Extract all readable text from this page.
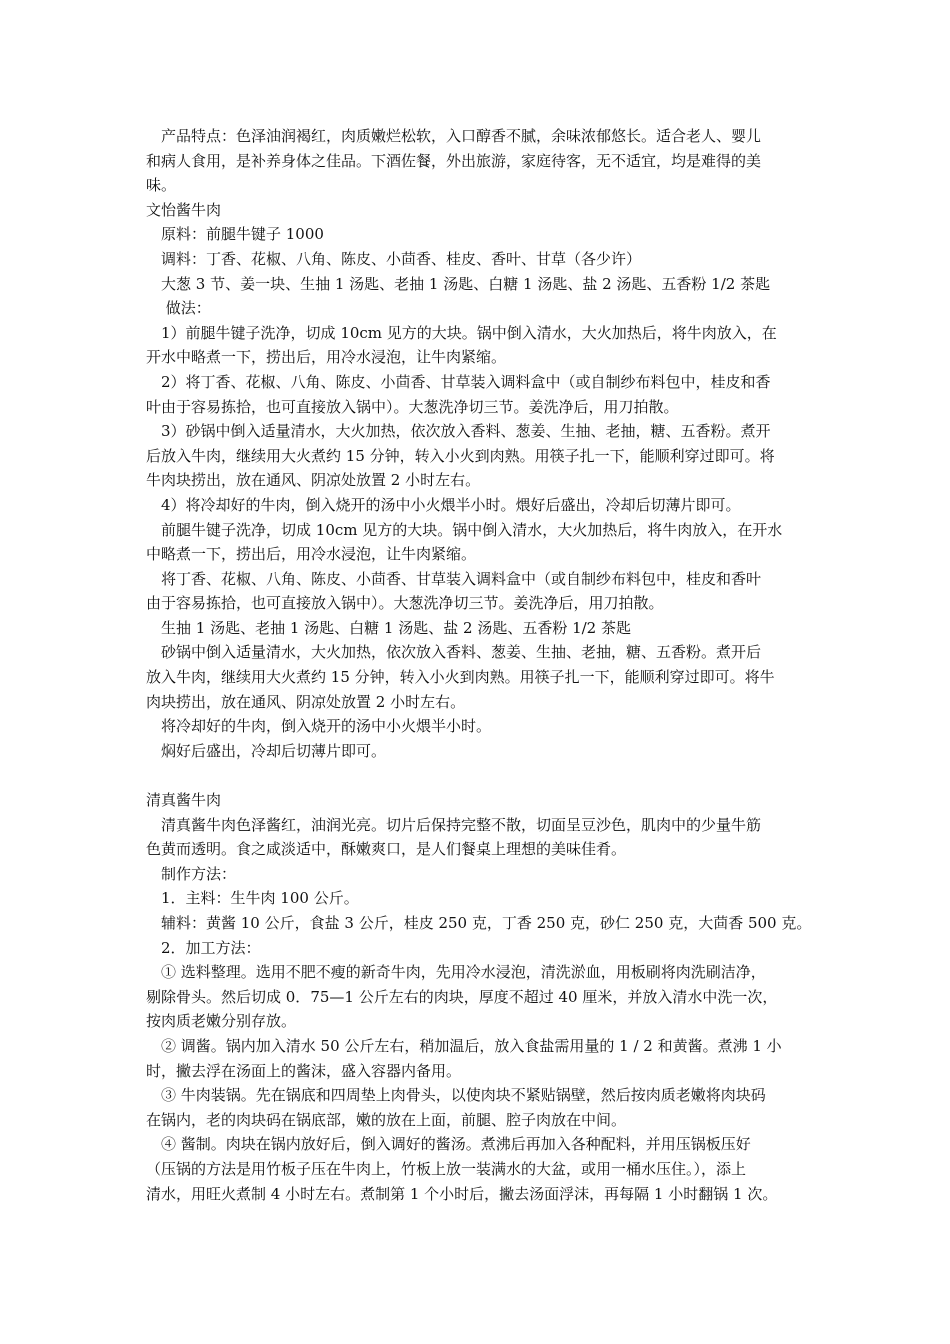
产品特点：色泽油润褐红，肉质嫩烂松软，入口醇香不腻，余味浓郁悠长。适合老人、婴儿

和病人食用，是补养身体之佳品。下酒佐餐，外出旅游，家庭待客，无不适宜，均是难得的美

味。

文怡酱牛肉

原料：前腿牛键子 1000

调料：丁香、花椒、八角、陈皮、小茴香、桂皮、香叶、甘草（各少许）

大葱 3 节、姜一块、生抽 1 汤匙、老抽 1 汤匙、白糖 1 汤匙、盐 2 汤匙、五香粉 1/2 茶匙

做法：

1）前腿牛键子洗净，切成 10cm 见方的大块。锅中倒入清水，大火加热后，将牛肉放入，在

开水中略煮一下，捞出后，用冷水浸泡，让牛肉紧缩。

2）将丁香、花椒、八角、陈皮、小茴香、甘草装入调料盒中（或自制纱布料包中，桂皮和香

叶由于容易拣拾，也可直接放入锅中）。大葱洗净切三节。姜洗净后，用刀拍散。

3）砂锅中倒入适量清水，大火加热，依次放入香料、葱姜、生抽、老抽，糖、五香粉。煮开

后放入牛肉，继续用大火煮约 15 分钟，转入小火到肉熟。用筷子扎一下，能顺利穿过即可。将

牛肉块捞出，放在通风、阴凉处放置 2 小时左右。

4）将冷却好的牛肉，倒入烧开的汤中小火煨半小时。煨好后盛出，冷却后切薄片即可。

前腿牛键子洗净，切成 10cm 见方的大块。锅中倒入清水，大火加热后，将牛肉放入，在开水

中略煮一下，捞出后，用冷水浸泡，让牛肉紧缩。

将丁香、花椒、八角、陈皮、小茴香、甘草装入调料盒中（或自制纱布料包中，桂皮和香叶

由于容易拣拾，也可直接放入锅中）。大葱洗净切三节。姜洗净后，用刀拍散。

生抽 1 汤匙、老抽 1 汤匙、白糖 1 汤匙、盐 2 汤匙、五香粉 1/2 茶匙

砂锅中倒入适量清水，大火加热，依次放入香料、葱姜、生抽、老抽，糖、五香粉。煮开后

放入牛肉，继续用大火煮约 15 分钟，转入小火到肉熟。用筷子扎一下，能顺利穿过即可。将牛

肉块捞出，放在通风、阴凉处放置 2 小时左右。

将冷却好的牛肉，倒入烧开的汤中小火煨半小时。

焖好后盛出，冷却后切薄片即可。

清真酱牛肉

清真酱牛肉色泽酱红，油润光亮。切片后保持完整不散，切面呈豆沙色，肌肉中的少量牛筋

色黄而透明。食之咸淡适中，酥嫩爽口，是人们餐桌上理想的美味佳肴。

制作方法：

1．主料：生牛肉 100 公斤。

辅料：黄酱 10 公斤，食盐 3 公斤，桂皮 250 克，丁香 250 克，砂仁 250 克，大茴香 500 克。

2．加工方法：

① 选料整理。选用不肥不瘦的新奇牛肉，先用冷水浸泡，清洗淤血，用板刷将肉洗刷洁净，

剔除骨头。然后切成 0．75—1 公斤左右的肉块，厚度不超过 40 厘米，并放入清水中洗一次，

按肉质老嫩分别存放。

② 调酱。锅内加入清水 50 公斤左右，稍加温后，放入食盐需用量的 1 / 2 和黄酱。煮沸 1 小

时，撇去浮在汤面上的酱沫，盛入容器内备用。

③ 牛肉装锅。先在锅底和四周垫上肉骨头，以使肉块不紧贴锅壁，然后按肉质老嫩将肉块码

在锅内，老的肉块码在锅底部，嫩的放在上面，前腿、腔子肉放在中间。

④ 酱制。肉块在锅内放好后，倒入调好的酱汤。煮沸后再加入各种配料，并用压锅板压好

（压锅的方法是用竹板子压在牛肉上，竹板上放一装满水的大盆，或用一桶水压住。），添上

清水，用旺火煮制 4 小时左右。煮制第 1 个小时后，撇去汤面浮沫，再每隔 1 小时翻锅 1 次。
